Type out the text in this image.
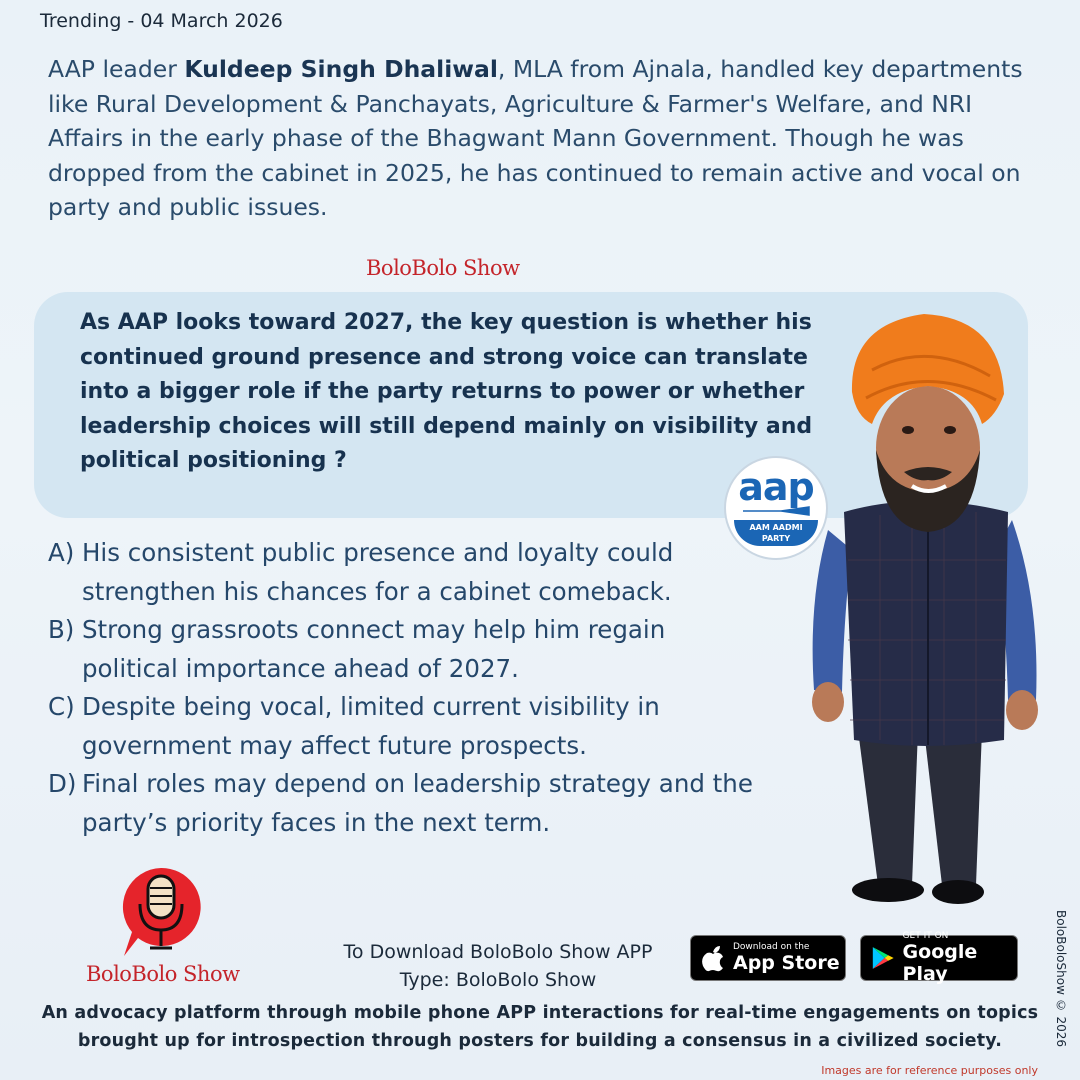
Trending - 04 March 2026

AAP leader Kuldeep Singh Dhaliwal, MLA from Ajnala, handled key departments like Rural Development & Panchayats, Agriculture & Farmer's Welfare, and NRI Affairs in the early phase of the Bhagwant Mann Government. Though he was dropped from the cabinet in 2025, he has continued to remain active and vocal on party and public issues.

BoloBolo Show
As AAP looks toward 2027, the key question is whether his continued ground presence and strong voice can translate into a bigger role if the party returns to power or whether leadership choices will still depend mainly on visibility and political positioning ?
A) His consistent public presence and loyalty could strengthen his chances for a cabinet comeback.
B) Strong grassroots connect may help him regain political importance ahead of 2027.
C) Despite being vocal, limited current visibility in government may affect future prospects.
D) Final roles may depend on leadership strategy and the party’s priority faces in the next term.
aap
AAM AADMI PARTY
BoloBolo Show
To Download BoloBolo Show APP
Type: BoloBolo Show
Download on the
App Store
GET IT ON
Google Play
An advocacy platform through mobile phone APP interactions for real-time engagements on topics brought up for introspection through posters for building a consensus in a civilized society.	BoloBoloShow © 2026
Images are for reference purposes only
